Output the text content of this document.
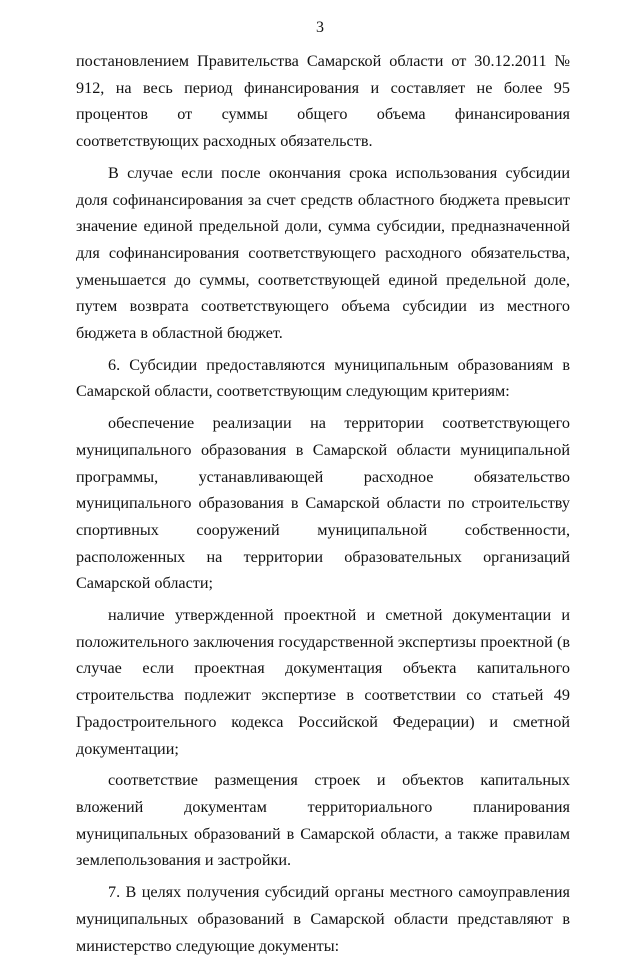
3

постановлением Правительства Самарской области от 30.12.2011 № 912, на весь период финансирования и составляет не более 95 процентов от суммы общего объема финансирования соответствующих расходных обязательств.

В случае если после окончания срока использования субсидии доля софинансирования за счет средств областного бюджета превысит значение единой предельной доли, сумма субсидии, предназначенной для софинансирования соответствующего расходного обязательства, уменьшается до суммы, соответствующей единой предельной доле, путем возврата соответствующего объема субсидии из местного бюджета в областной бюджет.

6. Субсидии предоставляются муниципальным образованиям в Самарской области, соответствующим следующим критериям:

обеспечение реализации на территории соответствующего муниципального образования в Самарской области муниципальной программы, устанавливающей расходное обязательство муниципального образования в Самарской области по строительству спортивных сооружений муниципальной собственности, расположенных на территории образовательных организаций Самарской области;

наличие утвержденной проектной и сметной документации и положительного заключения государственной экспертизы проектной (в случае если проектная документация объекта капитального строительства подлежит экспертизе в соответствии со статьей 49 Градостроительного кодекса Российской Федерации) и сметной документации;

соответствие размещения строек и объектов капитальных вложений документам территориального планирования муниципальных образований в Самарской области, а также правилам землепользования и застройки.

7. В целях получения субсидий органы местного самоуправления муниципальных образований в Самарской области представляют в министерство следующие документы:
